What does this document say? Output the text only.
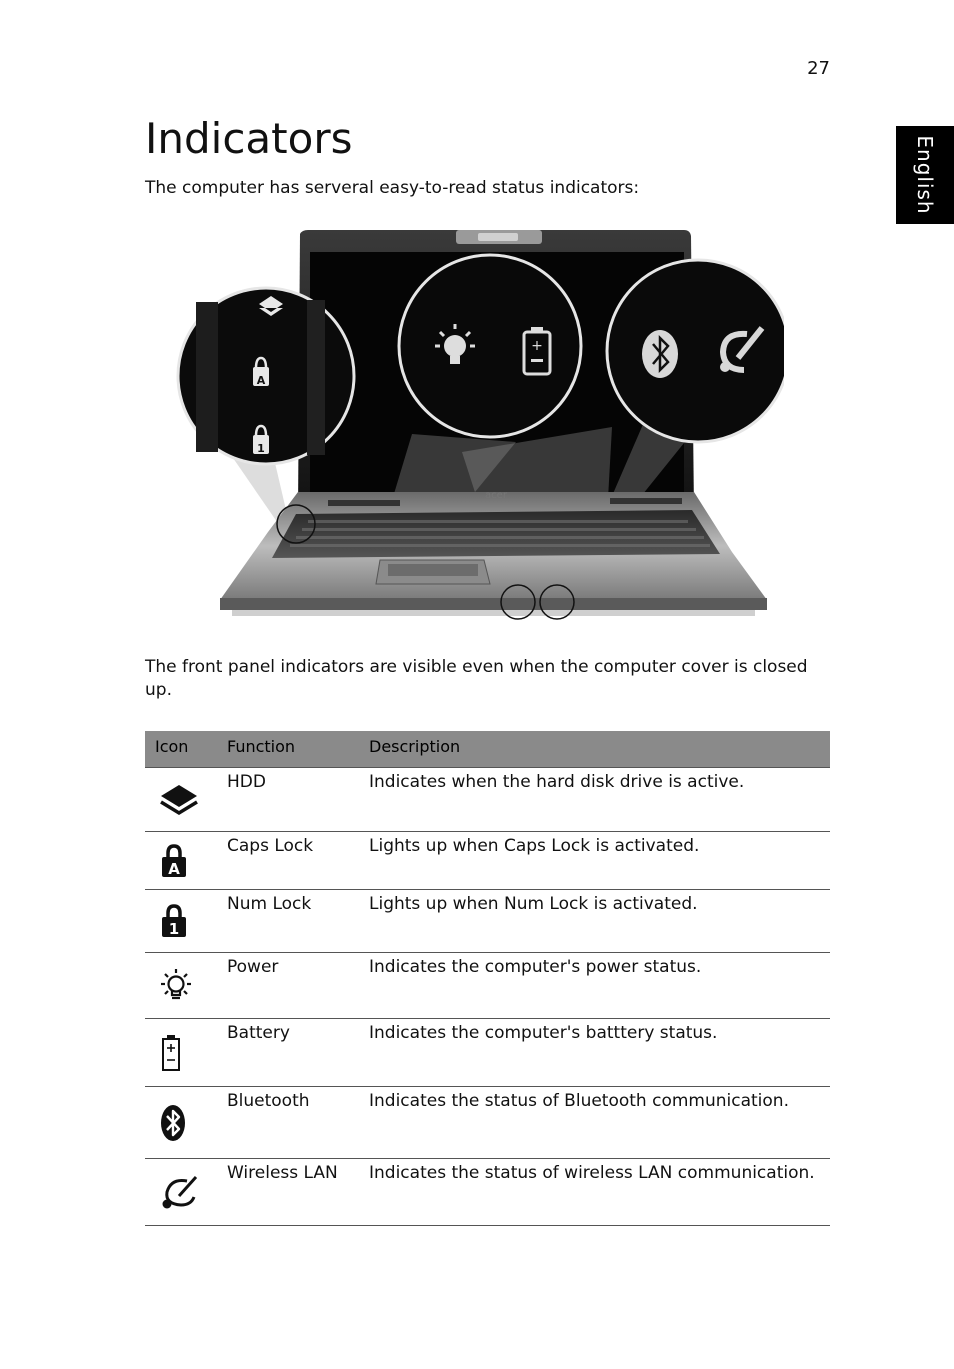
27
English
Indicators

The computer has serveral easy-to-read status indicators:

acer
A
1
+

The front panel indicators are visible even when the computer cover is closed up.

Icon	Function	Description
HDD	Indicates when the hard disk drive is active.
A
Caps Lock	Lights up when Caps Lock is activated.
1
Num Lock	Lights up when Num Lock is activated.
Power	Indicates the computer's power status.
Battery	Indicates the computer's batttery status.
Bluetooth	Indicates the status of Bluetooth communication.
Wireless LAN	Indicates the status of wireless LAN communication.
